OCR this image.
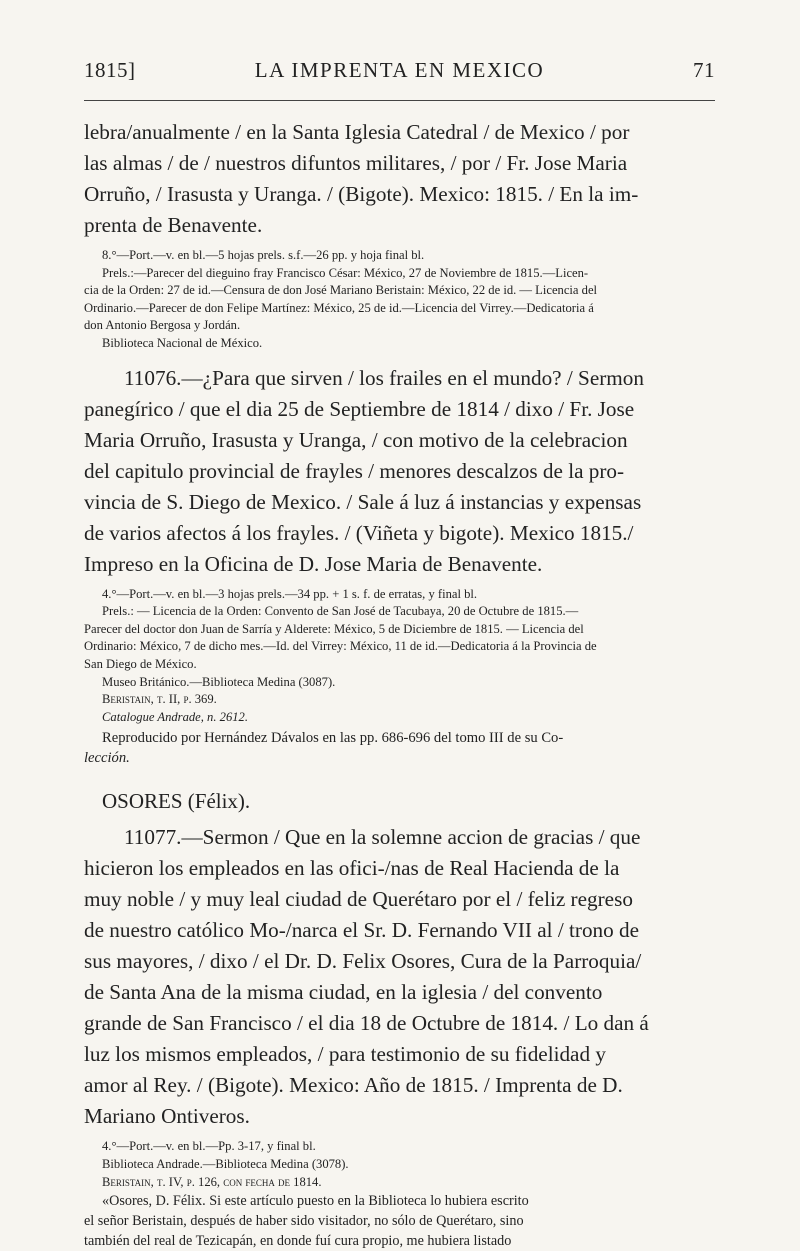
1815]	LA IMPRENTA EN MEXICO	71

lebra/anualmente / en la Santa Iglesia Catedral / de Mexico / por

las almas / de / nuestros difuntos militares, / por / Fr. Jose Maria

Orruño, / Irasusta y Uranga. / (Bigote). Mexico: 1815. / En la im-

prenta de Benavente.

8.°—Port.—v. en bl.—5 hojas prels. s.f.—26 pp. y hoja final bl.

Prels.:—Parecer del dieguino fray Francisco César: México, 27 de Noviembre de 1815.—Licen-

cia de la Orden: 27 de id.—Censura de don José Mariano Beristain: México, 22 de id. — Licencia del

Ordinario.—Parecer de don Felipe Martínez: México, 25 de id.—Licencia del Virrey.—Dedicatoria á

don Antonio Bergosa y Jordán.

Biblioteca Nacional de México.

11076.—¿Para que sirven / los frailes en el mundo? / Sermon

panegírico / que el dia 25 de Septiembre de 1814 / dixo / Fr. Jose

Maria Orruño, Irasusta y Uranga, / con motivo de la celebracion

del capitulo provincial de frayles / menores descalzos de la pro-

vincia de S. Diego de Mexico. / Sale á luz á instancias y expensas

de varios afectos á los frayles. / (Viñeta y bigote). Mexico 1815./

Impreso en la Oficina de D. Jose Maria de Benavente.

4.°—Port.—v. en bl.—3 hojas prels.—34 pp. + 1 s. f. de erratas, y final bl.

Prels.: — Licencia de la Orden: Convento de San José de Tacubaya, 20 de Octubre de 1815.—

Parecer del doctor don Juan de Sarría y Alderete: México, 5 de Diciembre de 1815. — Licencia del

Ordinario: México, 7 de dicho mes.—Id. del Virrey: México, 11 de id.—Dedicatoria á la Provincia de

San Diego de México.

Museo Británico.—Biblioteca Medina (3087).

Beristain, t. II, p. 369.

Catalogue Andrade, n. 2612.

Reproducido por Hernández Dávalos en las pp. 686-696 del tomo III de su Co-

lección.

OSORES (Félix).

11077.—Sermon / Que en la solemne accion de gracias / que

hicieron los empleados en las ofici-/nas de Real Hacienda de la

muy noble / y muy leal ciudad de Querétaro por el / feliz regreso

de nuestro católico Mo-/narca el Sr. D. Fernando VII al / trono de

sus mayores, / dixo / el Dr. D. Felix Osores, Cura de la Parroquia/

de Santa Ana de la misma ciudad, en la iglesia / del convento

grande de San Francisco / el dia 18 de Octubre de 1814. / Lo dan á

luz los mismos empleados, / para testimonio de su fidelidad y

amor al Rey. / (Bigote). Mexico: Año de 1815. / Imprenta de D.

Mariano Ontiveros.

4.°—Port.—v. en bl.—Pp. 3-17, y final bl.

Biblioteca Andrade.—Biblioteca Medina (3078).

Beristain, t. IV, p. 126, con fecha de 1814.

«Osores, D. Félix. Si este artículo puesto en la Biblioteca lo hubiera escrito

el señor Beristain, después de haber sido visitador, no sólo de Querétaro, sino

también del real de Tezicapán, en donde fuí cura propio, me hubiera listado
